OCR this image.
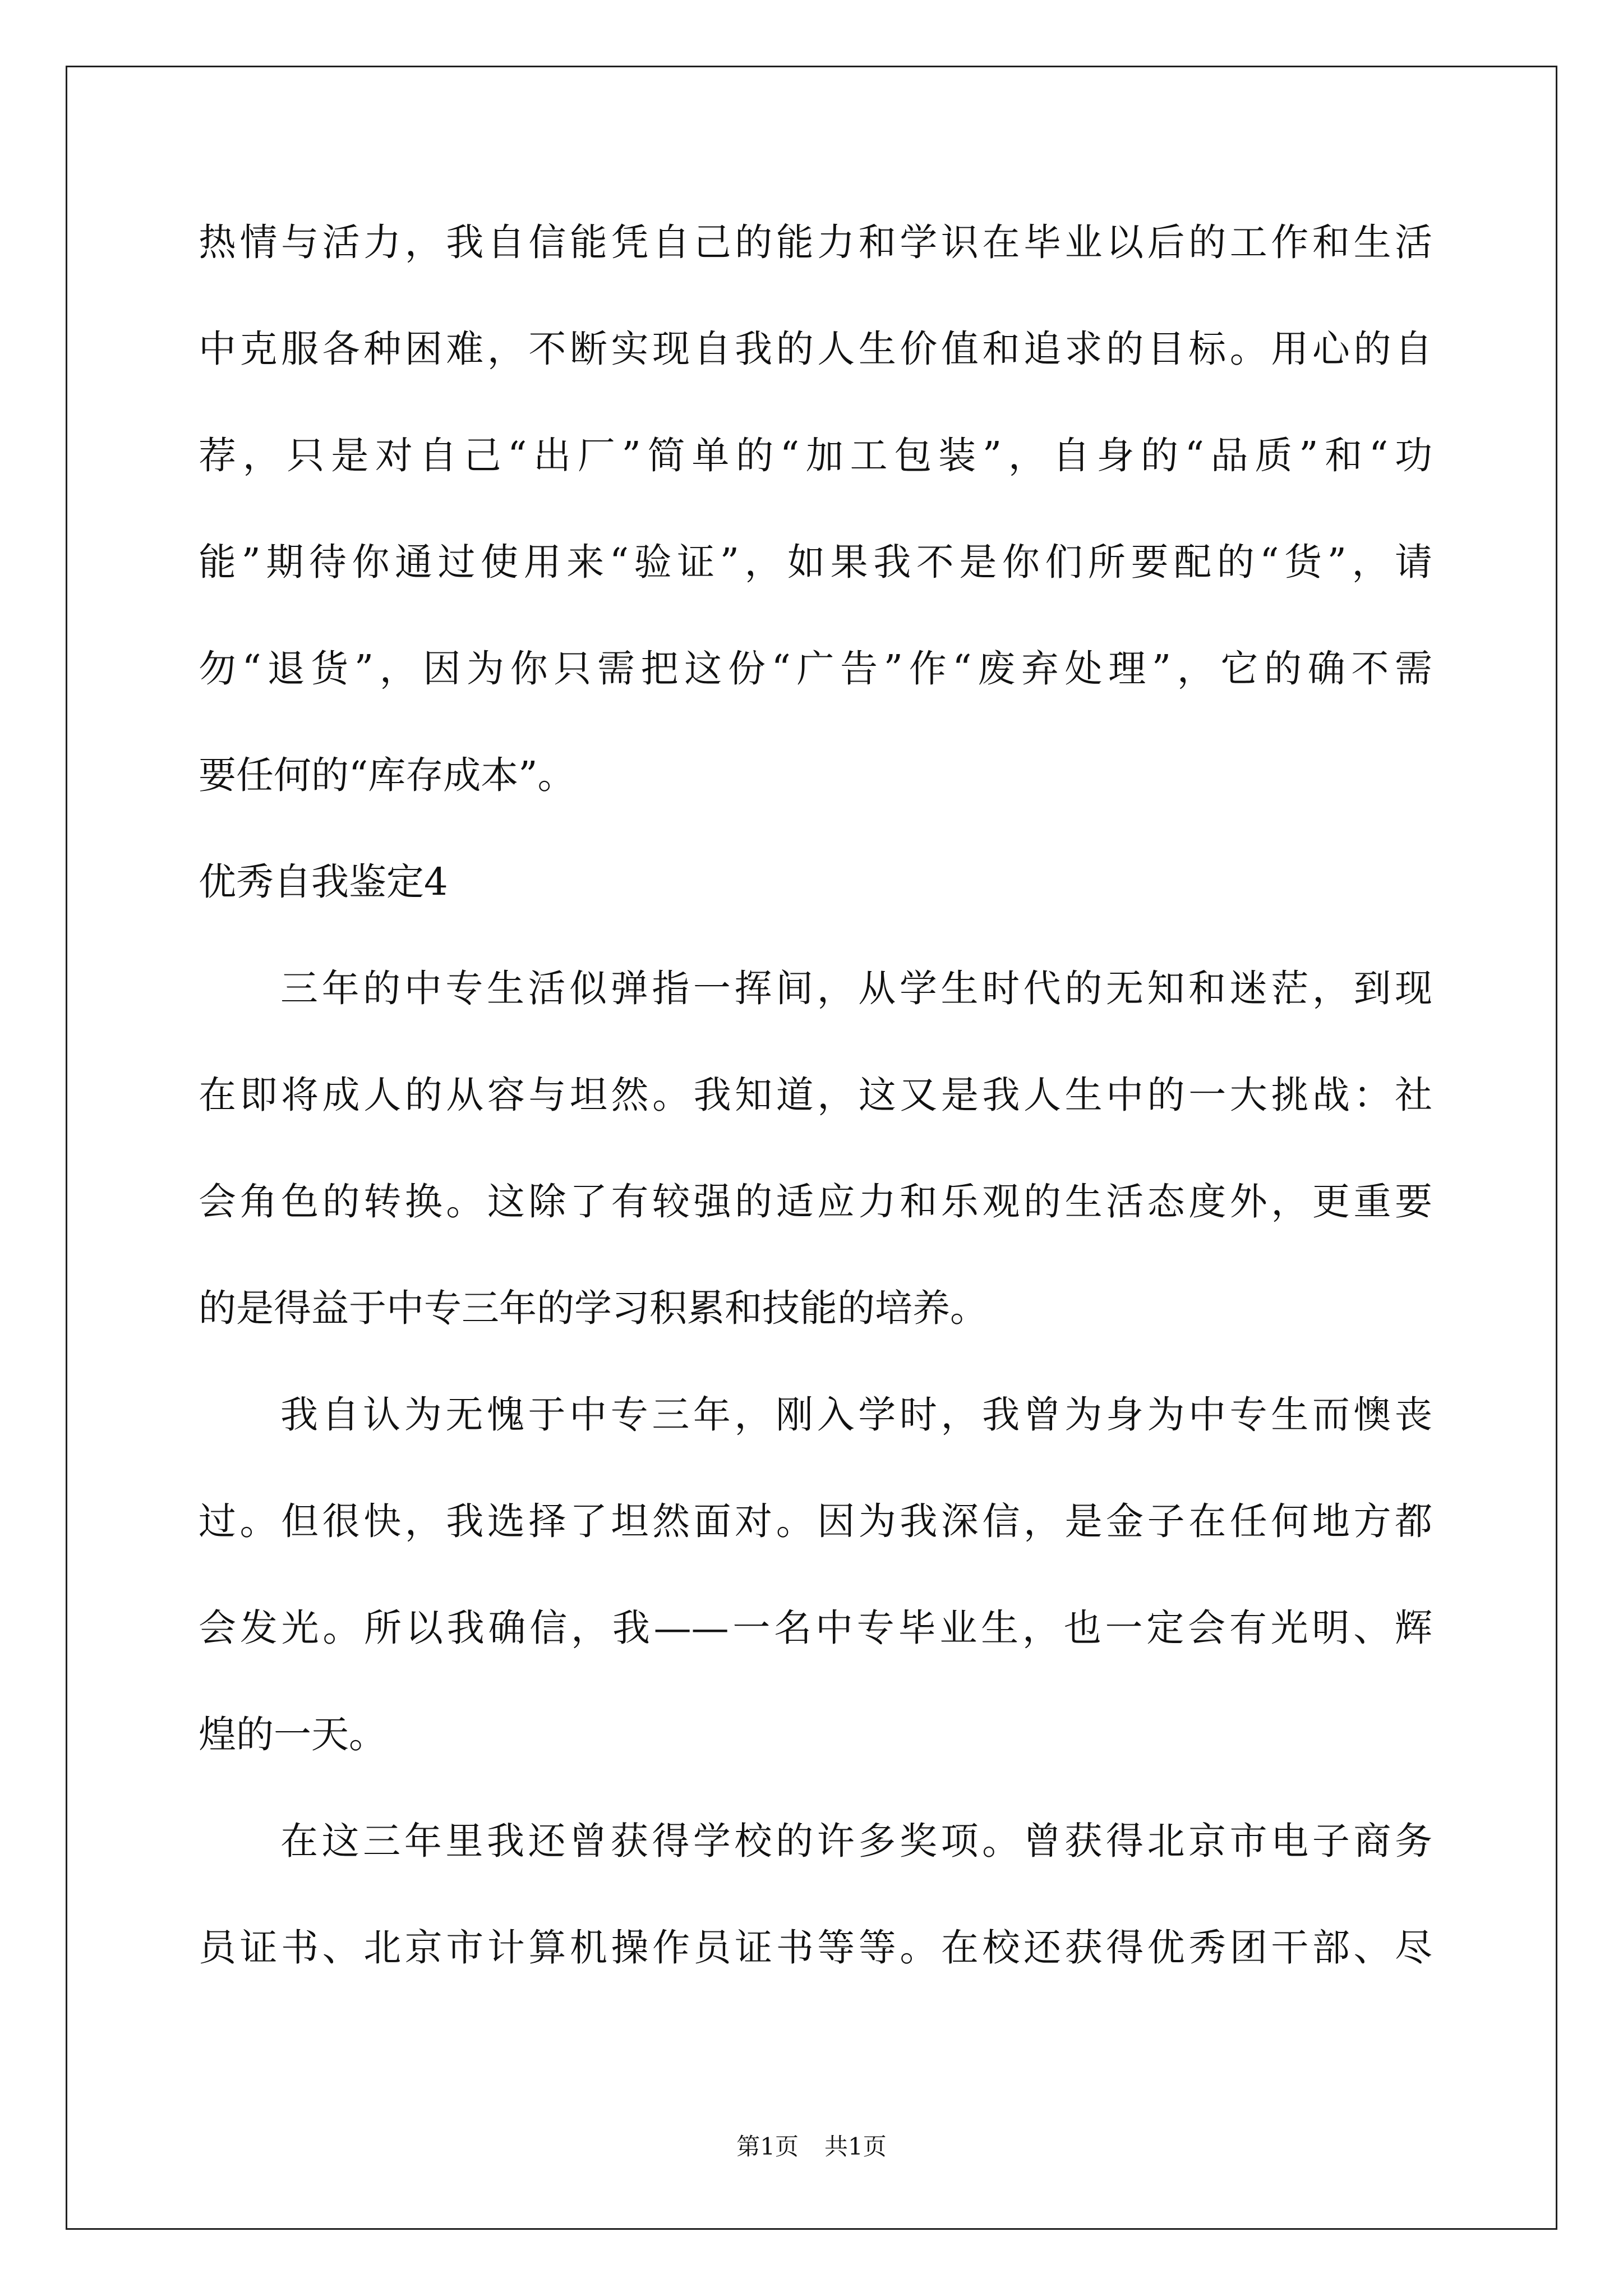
热情与活力，我自信能凭自己的能力和学识在毕业以后的工作和生活
中克服各种困难，不断实现自我的人生价值和追求的目标。用心的自
荐，只是对自己“出厂”简单的“加工包装”，自身的“品质”和“功
能”期待你通过使用来“验证”，如果我不是你们所要配的“货”，请
勿“退货”，因为你只需把这份“广告”作“废弃处理”，它的确不需
要任何的“库存成本”。
优秀自我鉴定4
三年的中专生活似弹指一挥间，从学生时代的无知和迷茫，到现
在即将成人的从容与坦然。我知道，这又是我人生中的一大挑战：社
会角色的转换。这除了有较强的适应力和乐观的生活态度外，更重要
的是得益于中专三年的学习积累和技能的培养。
我自认为无愧于中专三年，刚入学时，我曾为身为中专生而懊丧
过。但很快，我选择了坦然面对。因为我深信，是金子在任何地方都
会发光。所以我确信，我——一名中专毕业生，也一定会有光明、辉
煌的一天。
在这三年里我还曾获得学校的许多奖项。曾获得北京市电子商务
员证书、北京市计算机操作员证书等等。在校还获得优秀团干部、尽
第1页 共1页
